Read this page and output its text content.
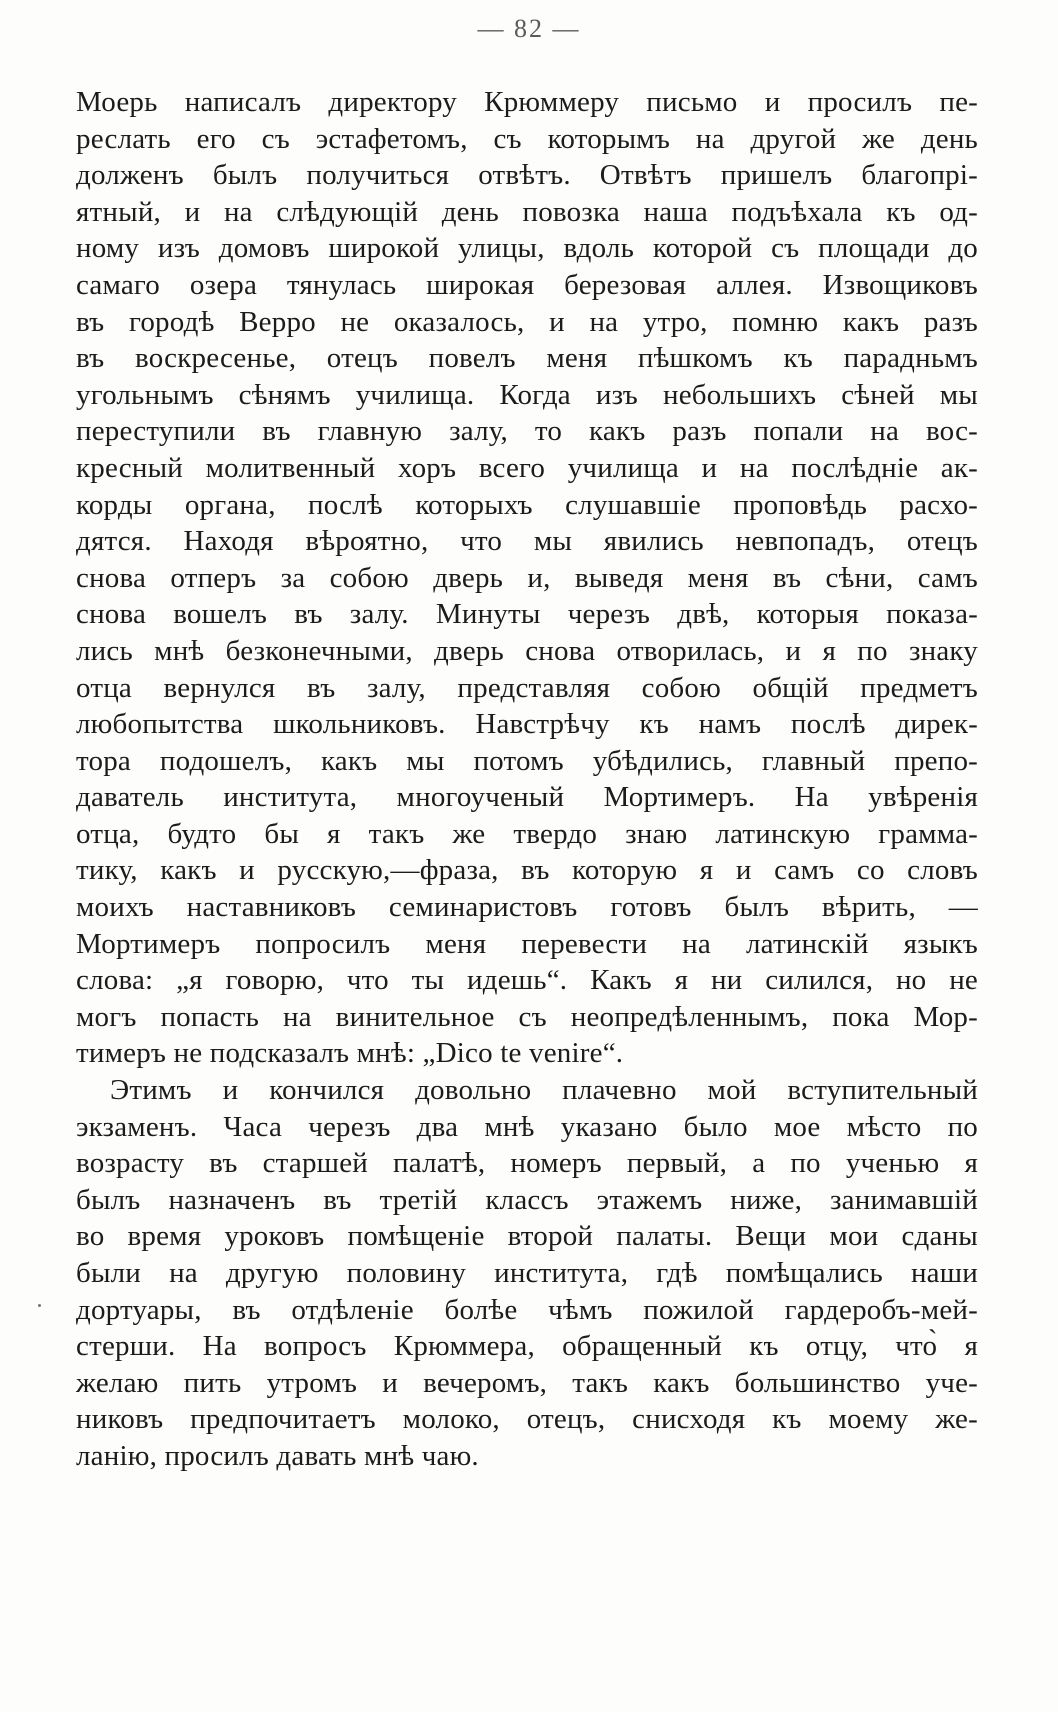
— 82 —
Моерь написалъ директору Крюммеру письмо и просилъ пе-
реслать его съ эстафетомъ, съ которымъ на другой же день
долженъ былъ получиться отвѣтъ. Отвѣтъ пришелъ благопрі-
ятный, и на слѣдующій день повозка наша подъѣхала къ од-
ному изъ домовъ широкой улицы, вдоль которой съ площади до
самаго озера тянулась широкая березовая аллея. Извощиковъ
въ городѣ Верро не оказалось, и на утро, помню какъ разъ
въ воскресенье, отецъ повелъ меня пѣшкомъ къ парадньмъ
угольнымъ сѣнямъ училища. Когда изъ небольшихъ сѣней мы
переступили въ главную залу, то какъ разъ попали на вос-
кресный молитвенный хоръ всего училища и на послѣдніе ак-
корды органа, послѣ которыхъ слушавшіе проповѣдь расхо-
дятся. Находя вѣроятно, что мы явились невпопадъ, отецъ
снова отперъ за собою дверь и, выведя меня въ сѣни, самъ
снова вошелъ въ залу. Минуты черезъ двѣ, которыя показа-
лись мнѣ безконечными, дверь снова отворилась, и я по знаку
отца вернулся въ залу, представляя собою общій предметъ
любопытства школьниковъ. Навстрѣчу къ намъ послѣ дирек-
тора подошелъ, какъ мы потомъ убѣдились, главный препо-
даватель института, многоученый Мортимеръ. На увѣренія
отца, будто бы я такъ же твердо знаю латинскую грамма-
тику, какъ и русскую,—фраза, въ которую я и самъ со словъ
моихъ наставниковъ семинаристовъ готовъ былъ вѣрить, —
Мортимеръ попросилъ меня перевести на латинскій языкъ
слова: „я говорю, что ты идешь“. Какъ я ни силился, но не
могъ попасть на винительное съ неопредѣленнымъ, пока Мор-
тимеръ не подсказалъ мнѣ: „Dico te venire“.
Этимъ и кончился довольно плачевно мой вступительный
экзаменъ. Часа черезъ два мнѣ указано было мое мѣсто по
возрасту въ старшей палатѣ, номеръ первый, а по ученью я
былъ назначенъ въ третій классъ этажемъ ниже, занимавшій
во время уроковъ помѣщеніе второй палаты. Вещи мои сданы
были на другую половину института, гдѣ помѣщались наши
дортуары, въ отдѣленіе болѣе чѣмъ пожилой гардеробъ-мей-
стерши. На вопросъ Крюммера, обращенный къ отцу, что̀ я
желаю пить утромъ и вечеромъ, такъ какъ большинство уче-
никовъ предпочитаетъ молоко, отецъ, снисходя къ моему же-
ланію, просилъ давать мнѣ чаю.
